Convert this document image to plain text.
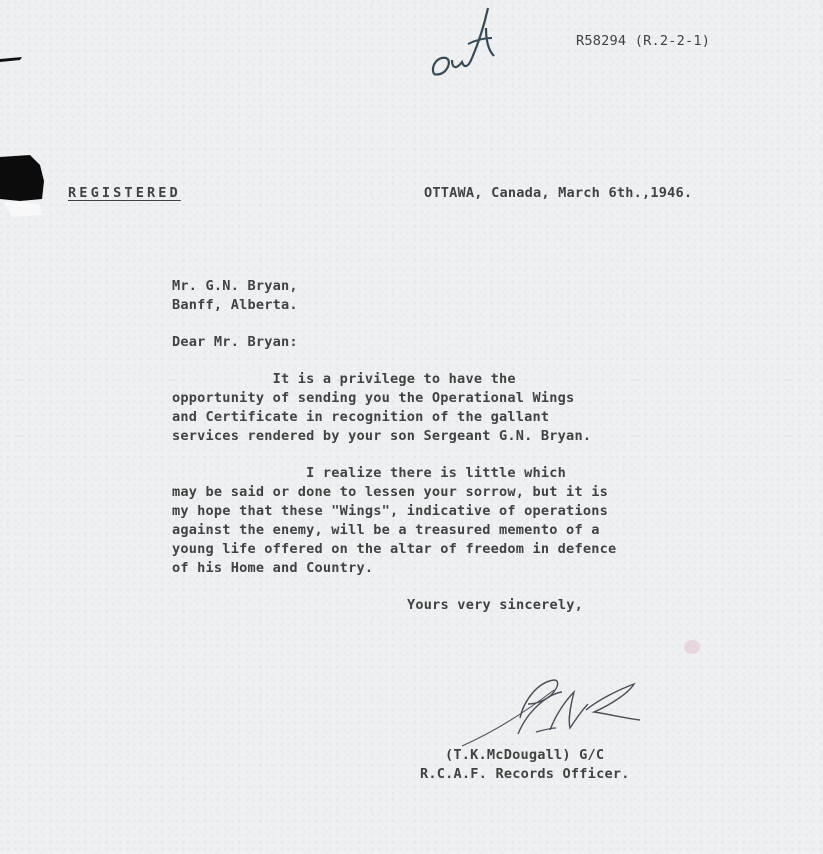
R58294 (R.2-2-1)
REGISTERED	OTTAWA, Canada, March 6th.,1946.
Mr. G.N. Bryan,
Banff, Alberta.
Dear Mr. Bryan:
It is a privilege to have the
opportunity of sending you the Operational Wings
and Certificate in recognition of the gallant
services rendered by your son Sergeant G.N. Bryan.
I realize there is little which
may be said or done to lessen your sorrow, but it is
my hope that these "Wings", indicative of operations
against the enemy, will be a treasured memento of a
young life offered on the altar of freedom in defence
of his Home and Country.
Yours very sincerely,
(T.K.McDougall) G/C
R.C.A.F. Records Officer.
